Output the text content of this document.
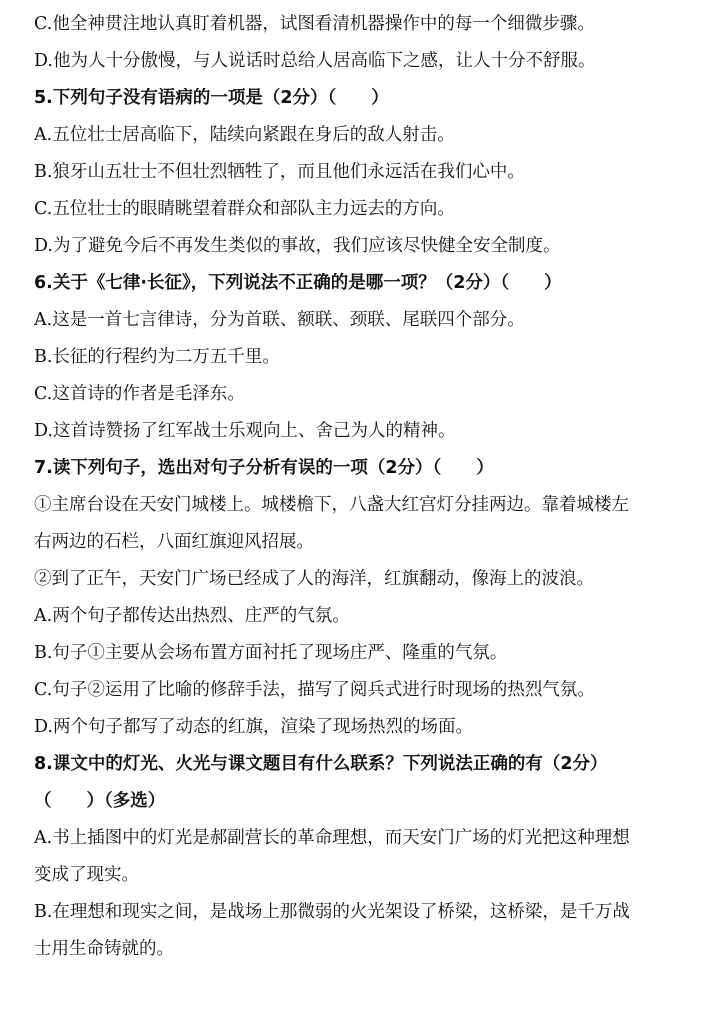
C.他全神贯注地认真盯着机器，试图看清机器操作中的每一个细微步骤。

D.他为人十分傲慢，与人说话时总给人居高临下之感，让人十分不舒服。

5.下列句子没有语病的一项是（2分）（　　）

A.五位壮士居高临下，陆续向紧跟在身后的敌人射击。

B.狼牙山五壮士不但壮烈牺牲了，而且他们永远活在我们心中。

C.五位壮士的眼睛眺望着群众和部队主力远去的方向。

D.为了避免今后不再发生类似的事故，我们应该尽快健全安全制度。

6.关于《七律·长征》，下列说法不正确的是哪一项？（2分）（　　）

A.这是一首七言律诗，分为首联、额联、颈联、尾联四个部分。

B.长征的行程约为二万五千里。

C.这首诗的作者是毛泽东。

D.这首诗赞扬了红军战士乐观向上、舍己为人的精神。

7.读下列句子，选出对句子分析有误的一项（2分）（　　）

①主席台设在天安门城楼上。城楼檐下，八盏大红宫灯分挂两边。靠着城楼左

右两边的石栏，八面红旗迎风招展。

②到了正午，天安门广场已经成了人的海洋，红旗翻动，像海上的波浪。

A.两个句子都传达出热烈、庄严的气氛。

B.句子①主要从会场布置方面衬托了现场庄严、隆重的气氛。

C.句子②运用了比喻的修辞手法，描写了阅兵式进行时现场的热烈气氛。

D.两个句子都写了动态的红旗，渲染了现场热烈的场面。

8.课文中的灯光、火光与课文题目有什么联系？下列说法正确的有（2分）

（　　）（多选）

A.书上插图中的灯光是郝副营长的革命理想，而天安门广场的灯光把这种理想

变成了现实。

B.在理想和现实之间，是战场上那微弱的火光架设了桥梁，这桥梁，是千万战

士用生命铸就的。
